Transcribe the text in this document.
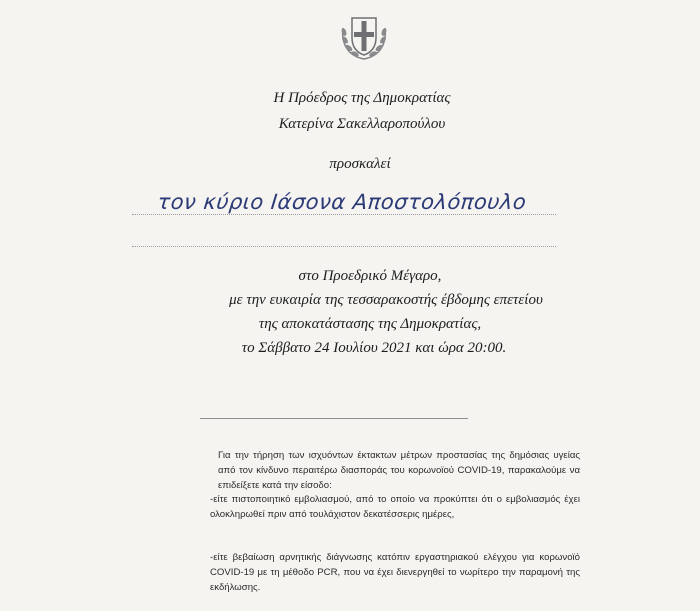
Η Πρόεδρος της Δημοκρατίας
Κατερίνα Σακελλαροπούλου
προσκαλεί
τον κύριο Ιάσονα Αποστολόπουλο
στο Προεδρικό Μέγαρο,
με την ευκαιρία της τεσσαρακοστής έβδομης επετείου
της αποκατάστασης της Δημοκρατίας,
το Σάββατο 24 Ιουλίου 2021 και ώρα 20:00.
Για την τήρηση των ισχυόντων έκτακτων μέτρων προστασίας της δημόσιας υγείας από τον κίνδυνο περαιτέρω διασποράς του κορωνοϊού COVID-19, παρακαλούμε να επιδείξετε κατά την είσοδο:
-είτε πιστοποιητικό εμβολιασμού, από το οποίο να προκύπτει ότι ο εμβολιασμός έχει ολοκληρωθεί πριν από τουλάχιστον δεκατέσσερις ημέρες,
-είτε βεβαίωση αρνητικής διάγνωσης κατόπιν εργαστηριακού ελέγχου για κορωνοϊό COVID-19 με τη μέθοδο PCR, που να έχει διενεργηθεί το νωρίτερο την παραμονή της εκδήλωσης.
